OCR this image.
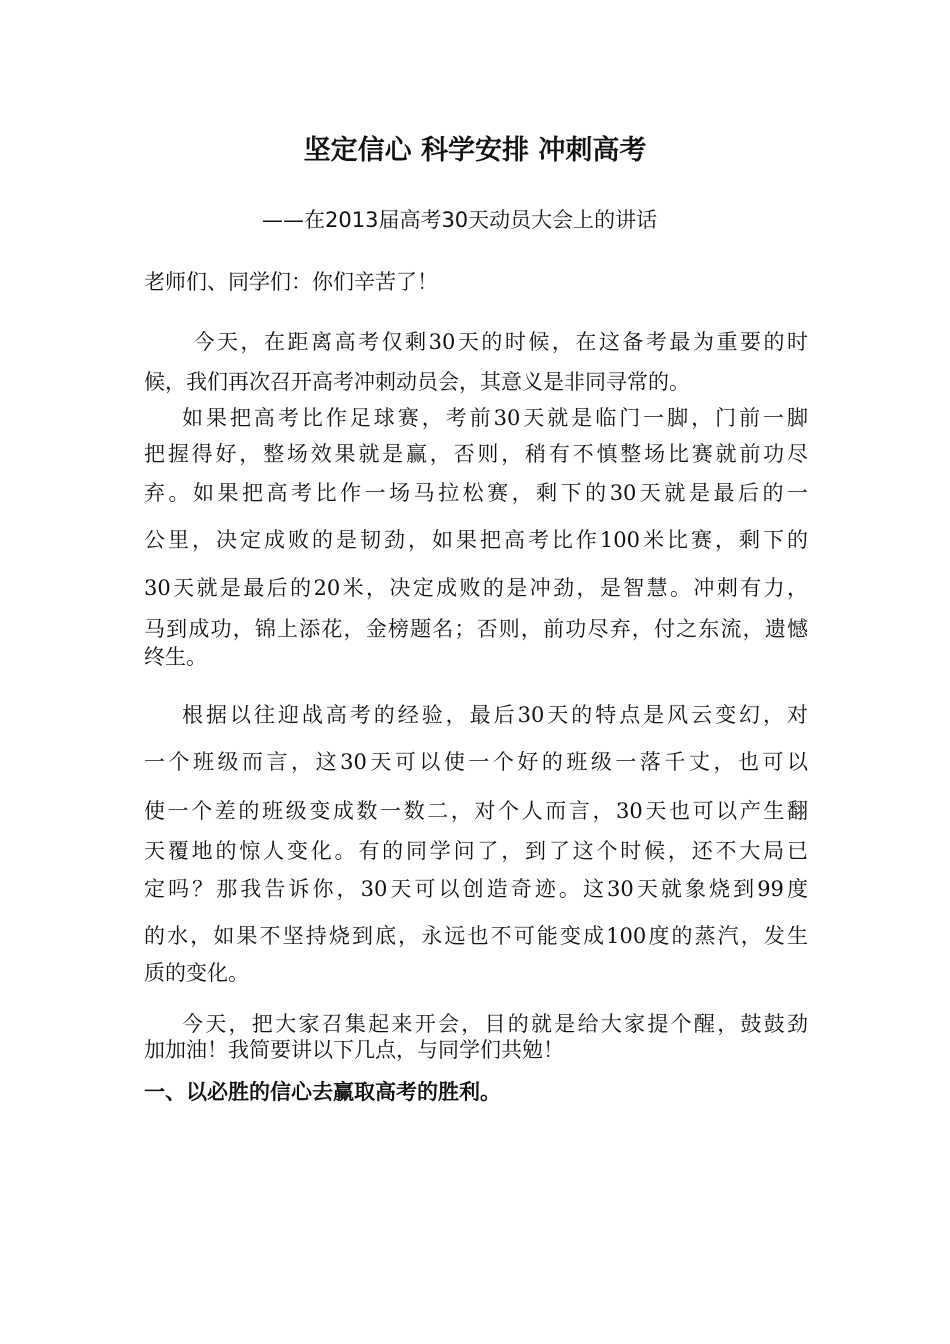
坚定信心 科学安排 冲刺高考
——在2013届高考30天动员大会上的讲话
老师们、同学们：你们辛苦了！
　今天，在距离高考仅剩30天的时候，在这备考最为重要的时
候，我们再次召开高考冲刺动员会，其意义是非同寻常的。
如果把高考比作足球赛，考前30天就是临门一脚，门前一脚
把握得好，整场效果就是赢，否则，稍有不慎整场比赛就前功尽
弃。如果把高考比作一场马拉松赛，剩下的30天就是最后的一
公里，决定成败的是韧劲，如果把高考比作100米比赛，剩下的
30天就是最后的20米，决定成败的是冲劲，是智慧。冲刺有力，
马到成功，锦上添花，金榜题名；否则，前功尽弃，付之东流，遗憾
终生。
根据以往迎战高考的经验，最后30天的特点是风云变幻，对
一个班级而言，这30天可以使一个好的班级一落千丈，也可以
使一个差的班级变成数一数二，对个人而言，30天也可以产生翻
天覆地的惊人变化。有的同学问了，到了这个时候，还不大局已
定吗？那我告诉你，30天可以创造奇迹。这30天就象烧到99度
的水，如果不坚持烧到底，永远也不可能变成100度的蒸汽，发生
质的变化。
今天，把大家召集起来开会，目的就是给大家提个醒，鼓鼓劲
加加油！我简要讲以下几点，与同学们共勉！
一、以必胜的信心去赢取高考的胜利。
